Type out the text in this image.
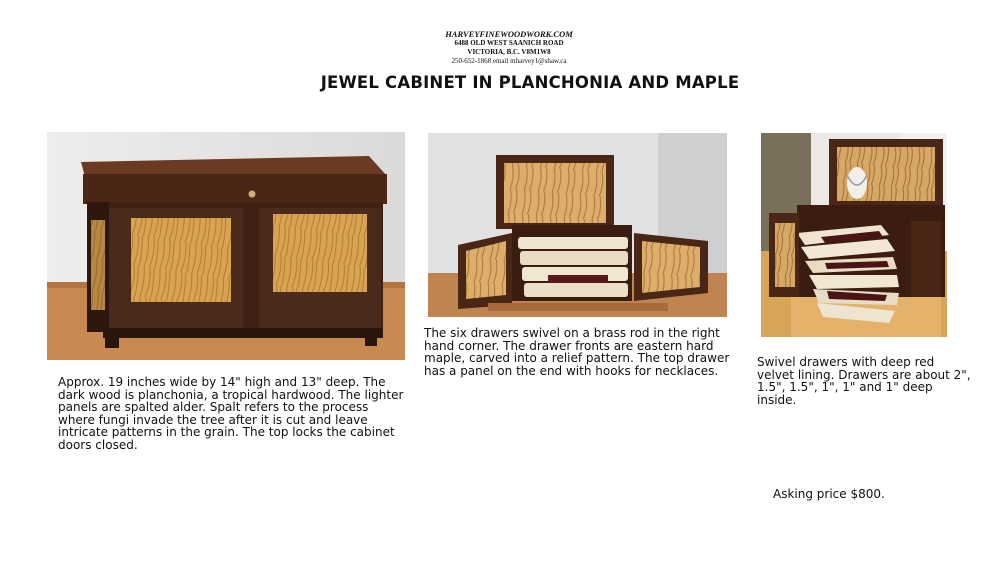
HARVEYFINEWOODWORK.COM
6488 OLD WEST SAANICH ROAD
VICTORIA, B.C. V8M1W8
250-652-1868 email mharvey1@shaw.ca
JEWEL CABINET IN PLANCHONIA AND MAPLE

Approx. 19 inches wide by 14" high and 13" deep. The dark wood is planchonia, a tropical hardwood. The lighter panels are spalted alder. Spalt refers to the process where fungi invade the tree after it is cut and leave intricate patterns in the grain. The top locks the cabinet doors closed.

The six drawers swivel on a brass rod in the right hand corner. The drawer fronts are eastern hard maple, carved into a relief pattern. The top drawer has a panel on the end with hooks for necklaces.

Swivel drawers with deep red velvet lining. Drawers are about 2", 1.5", 1.5", 1", 1" and 1" deep inside.

Asking price $800.
